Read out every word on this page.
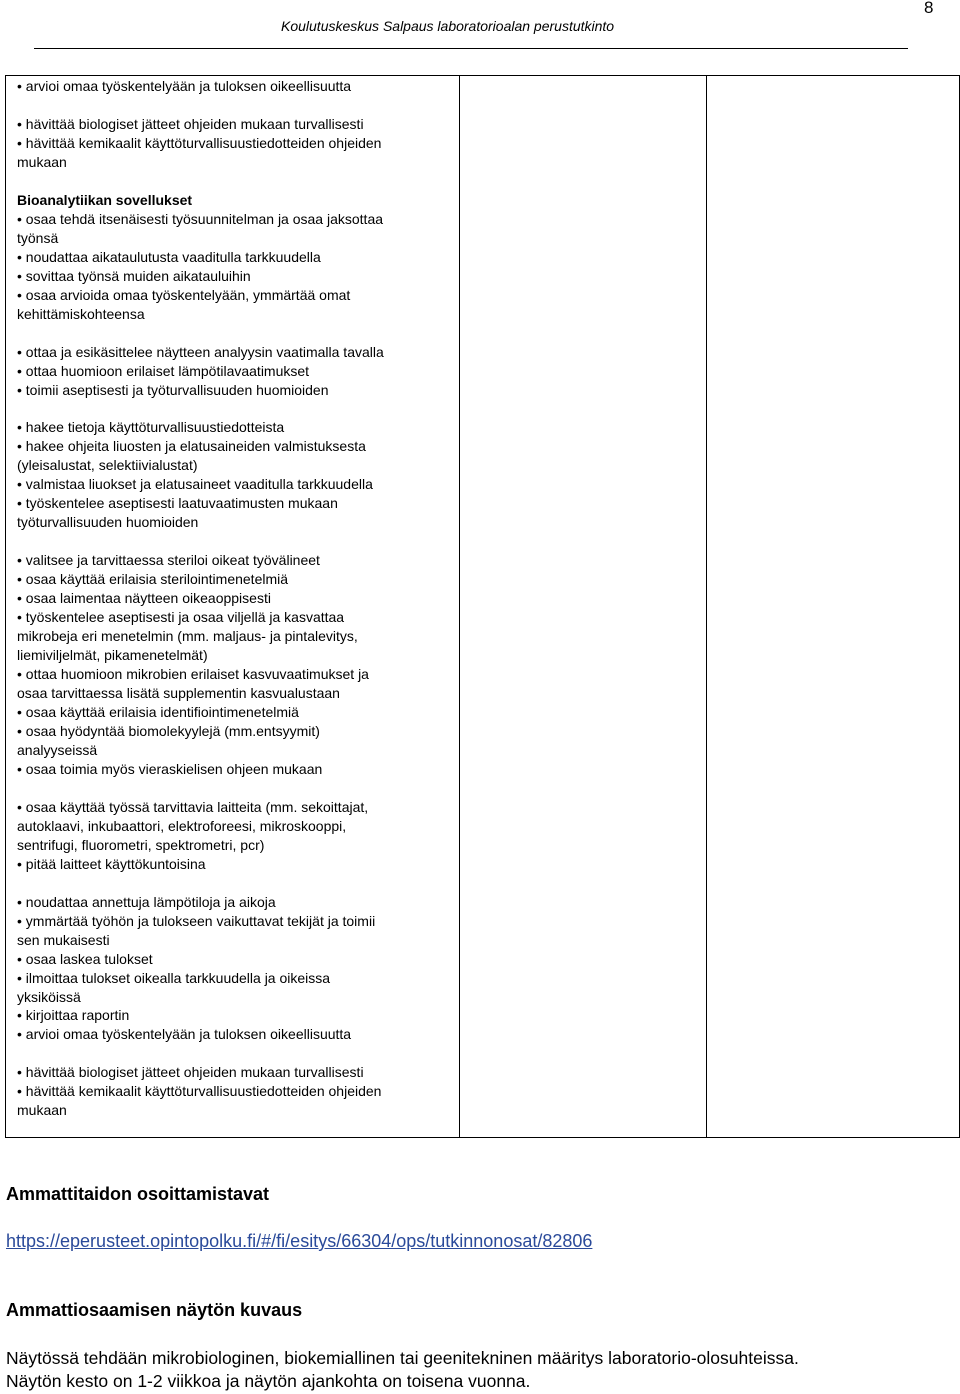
8
Koulutuskeskus Salpaus laboratorioalan perustutkinto
• arvioi omaa työskentelyään ja tuloksen oikeellisuutta
• hävittää biologiset jätteet ohjeiden mukaan turvallisesti
• hävittää kemikaalit käyttöturvallisuustiedotteiden ohjeiden
mukaan
Bioanalytiikan sovellukset
• osaa tehdä itsenäisesti työsuunnitelman ja osaa jaksottaa
työnsä
• noudattaa aikataulutusta vaaditulla tarkkuudella
• sovittaa työnsä muiden aikatauluihin
• osaa arvioida omaa työskentelyään, ymmärtää omat
kehittämiskohteensa
• ottaa ja esikäsittelee näytteen analyysin vaatimalla tavalla
• ottaa huomioon erilaiset lämpötilavaatimukset
• toimii aseptisesti ja työturvallisuuden huomioiden
• hakee tietoja käyttöturvallisuustiedotteista
• hakee ohjeita liuosten ja elatusaineiden valmistuksesta
(yleisalustat, selektiivialustat)
• valmistaa liuokset ja elatusaineet vaaditulla tarkkuudella
• työskentelee aseptisesti laatuvaatimusten mukaan
työturvallisuuden huomioiden
• valitsee ja tarvittaessa steriloi oikeat työvälineet
• osaa käyttää erilaisia sterilointimenetelmiä
• osaa laimentaa näytteen oikeaoppisesti
• työskentelee aseptisesti ja osaa viljellä ja kasvattaa
mikrobeja eri menetelmin (mm. maljaus- ja pintalevitys,
liemiviljelmät, pikamenetelmät)
• ottaa huomioon mikrobien erilaiset kasvuvaatimukset ja
osaa tarvittaessa lisätä supplementin kasvualustaan
• osaa käyttää erilaisia identifiointimenetelmiä
• osaa hyödyntää biomolekyylejä (mm.entsyymit)
analyyseissä
• osaa toimia myös vieraskielisen ohjeen mukaan
• osaa käyttää työssä tarvittavia laitteita (mm. sekoittajat,
autoklaavi, inkubaattori, elektroforeesi, mikroskooppi,
sentrifugi, fluorometri, spektrometri, pcr)
• pitää laitteet käyttökuntoisina
• noudattaa annettuja lämpötiloja ja aikoja
• ymmärtää työhön ja tulokseen vaikuttavat tekijät ja toimii
sen mukaisesti
• osaa laskea tulokset
• ilmoittaa tulokset oikealla tarkkuudella ja oikeissa
yksiköissä
• kirjoittaa raportin
• arvioi omaa työskentelyään ja tuloksen oikeellisuutta
• hävittää biologiset jätteet ohjeiden mukaan turvallisesti
• hävittää kemikaalit käyttöturvallisuustiedotteiden ohjeiden
mukaan

Ammattitaidon osoittamistavat
https://eperusteet.opintopolku.fi/#/fi/esitys/66304/ops/tutkinnonosat/82806
Ammattiosaamisen näytön kuvaus
Näytössä tehdään mikrobiologinen, biokemiallinen tai geenitekninen määritys laboratorio-olosuhteissa.
Näytön kesto on 1-2 viikkoa ja näytön ajankohta on toisena vuonna.
